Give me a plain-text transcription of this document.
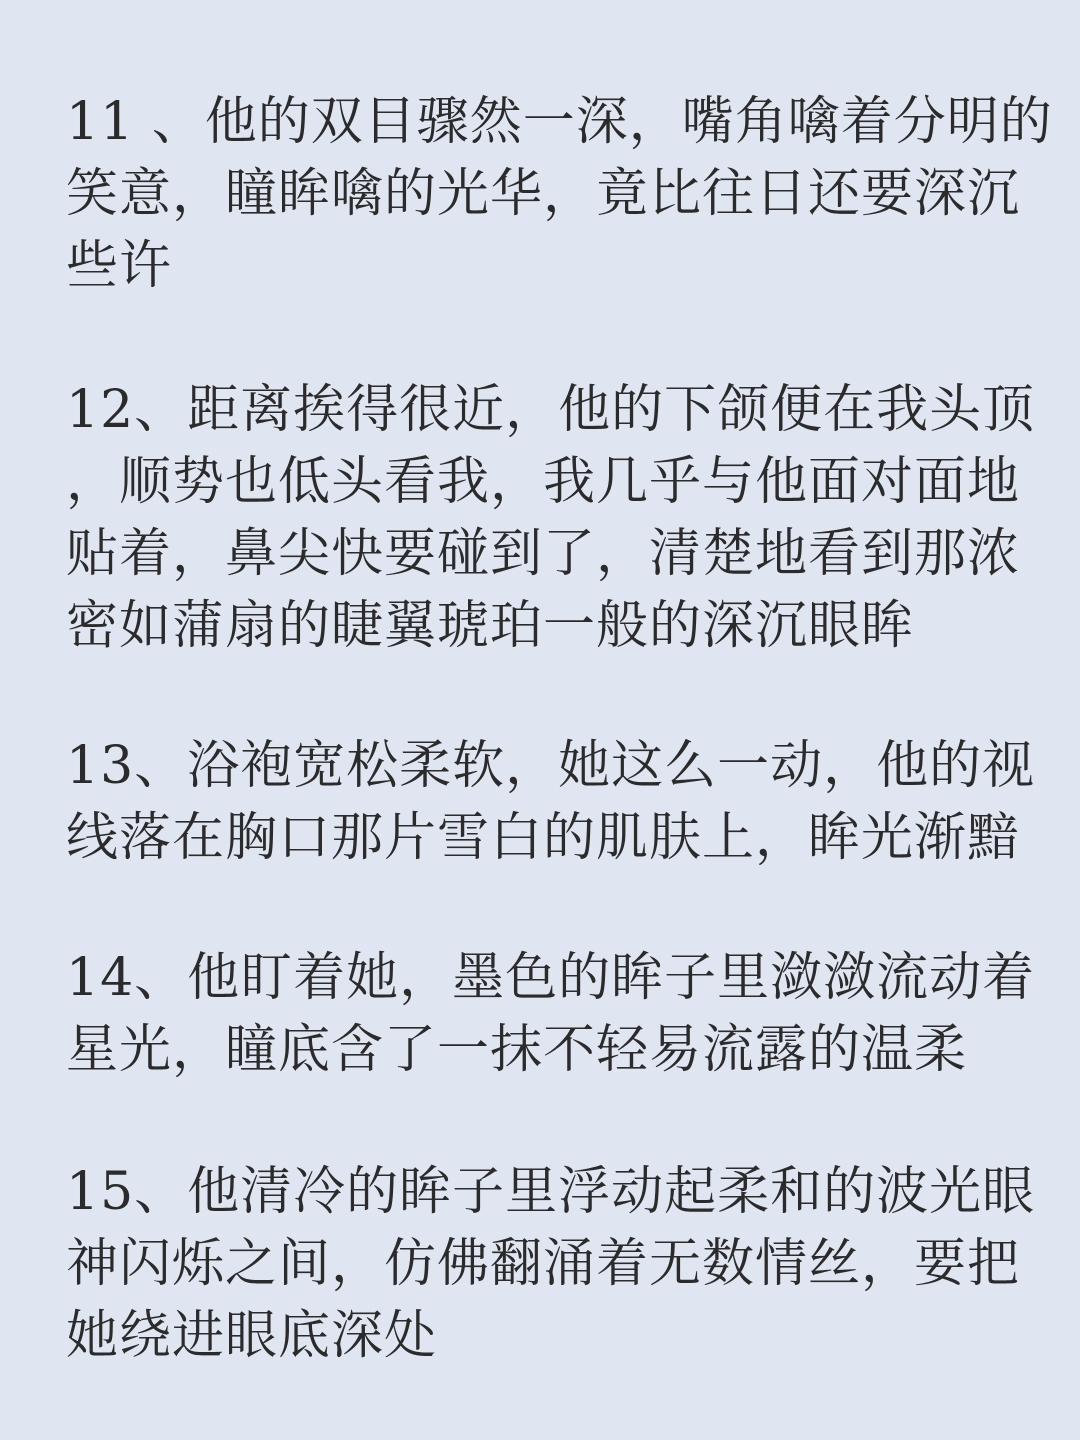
11 、他的双目骤然一深，嘴角噙着分明的
笑意，瞳眸噙的光华，竟比往日还要深沉
些许

12、距离挨得很近，他的下颌便在我头顶
，顺势也低头看我，我几乎与他面对面地
贴着，鼻尖快要碰到了，清楚地看到那浓
密如蒲扇的睫翼琥珀一般的深沉眼眸

13、浴袍宽松柔软，她这么一动，他的视
线落在胸口那片雪白的肌肤上，眸光渐黯

14、他盯着她，墨色的眸子里潋潋流动着
星光，瞳底含了一抹不轻易流露的温柔

15、他清冷的眸子里浮动起柔和的波光眼
神闪烁之间，仿佛翻涌着无数情丝，要把
她绕进眼底深处
